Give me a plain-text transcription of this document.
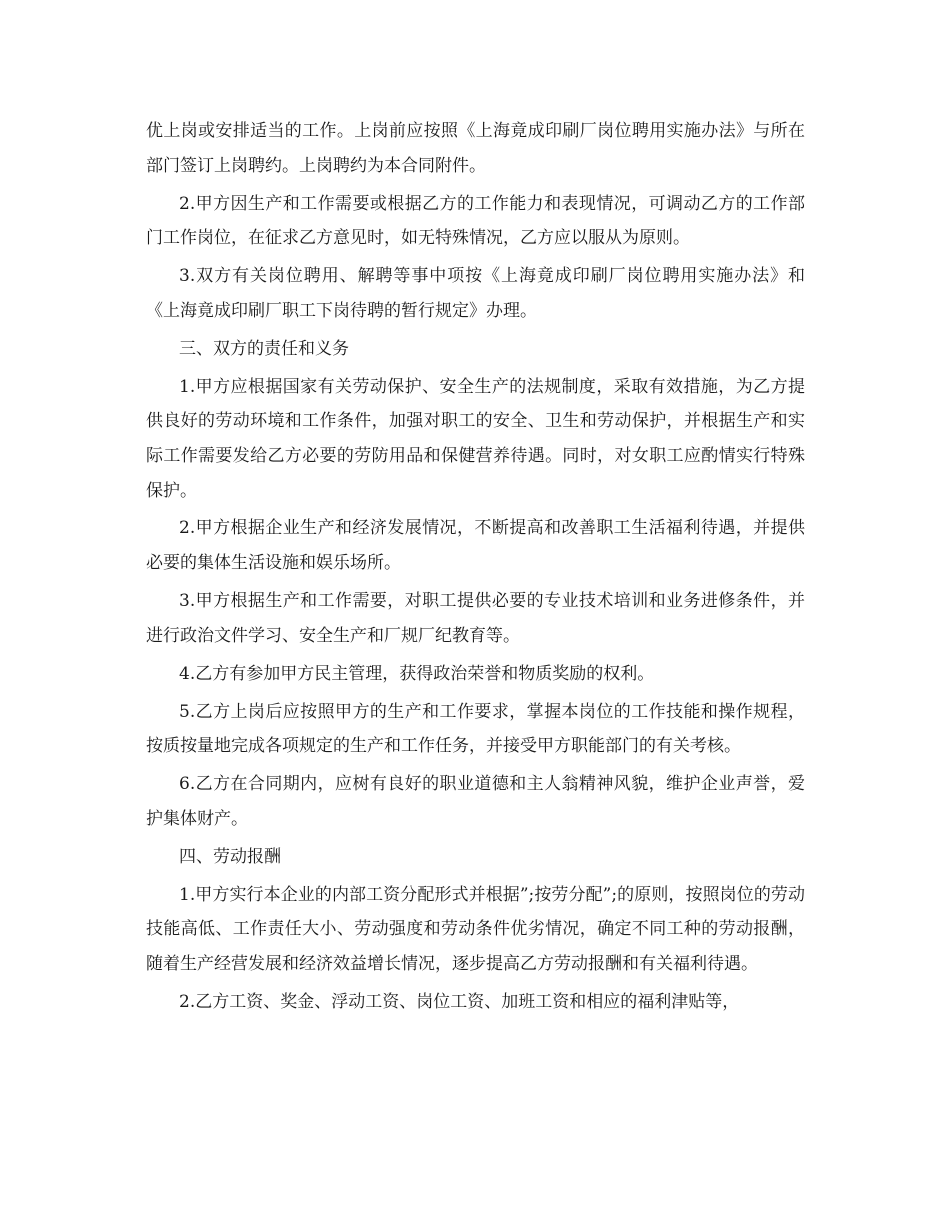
优上岗或安排适当的工作。上岗前应按照《上海竟成印刷厂岗位聘用实施办法》与所在部门签订上岗聘约。上岗聘约为本合同附件。

2.甲方因生产和工作需要或根据乙方的工作能力和表现情况，可调动乙方的工作部门工作岗位，在征求乙方意见时，如无特殊情况，乙方应以服从为原则。

3.双方有关岗位聘用、解聘等事中项按《上海竟成印刷厂岗位聘用实施办法》和《上海竟成印刷厂职工下岗待聘的暂行规定》办理。

三、双方的责任和义务

1.甲方应根据国家有关劳动保护、安全生产的法规制度，采取有效措施，为乙方提供良好的劳动环境和工作条件，加强对职工的安全、卫生和劳动保护，并根据生产和实际工作需要发给乙方必要的劳防用品和保健营养待遇。同时，对女职工应酌情实行特殊保护。

2.甲方根据企业生产和经济发展情况，不断提高和改善职工生活福利待遇，并提供必要的集体生活设施和娱乐场所。

3.甲方根据生产和工作需要，对职工提供必要的专业技术培训和业务进修条件，并进行政治文件学习、安全生产和厂规厂纪教育等。

4.乙方有参加甲方民主管理，获得政治荣誉和物质奖励的权利。

5.乙方上岗后应按照甲方的生产和工作要求，掌握本岗位的工作技能和操作规程，按质按量地完成各项规定的生产和工作任务，并接受甲方职能部门的有关考核。

6.乙方在合同期内，应树有良好的职业道德和主人翁精神风貌，维护企业声誉，爱护集体财产。

四、劳动报酬

1.甲方实行本企业的内部工资分配形式并根据”;按劳分配”;的原则，按照岗位的劳动技能高低、工作责任大小、劳动强度和劳动条件优劣情况，确定不同工种的劳动报酬，随着生产经营发展和经济效益增长情况，逐步提高乙方劳动报酬和有关福利待遇。

2.乙方工资、奖金、浮动工资、岗位工资、加班工资和相应的福利津贴等，
